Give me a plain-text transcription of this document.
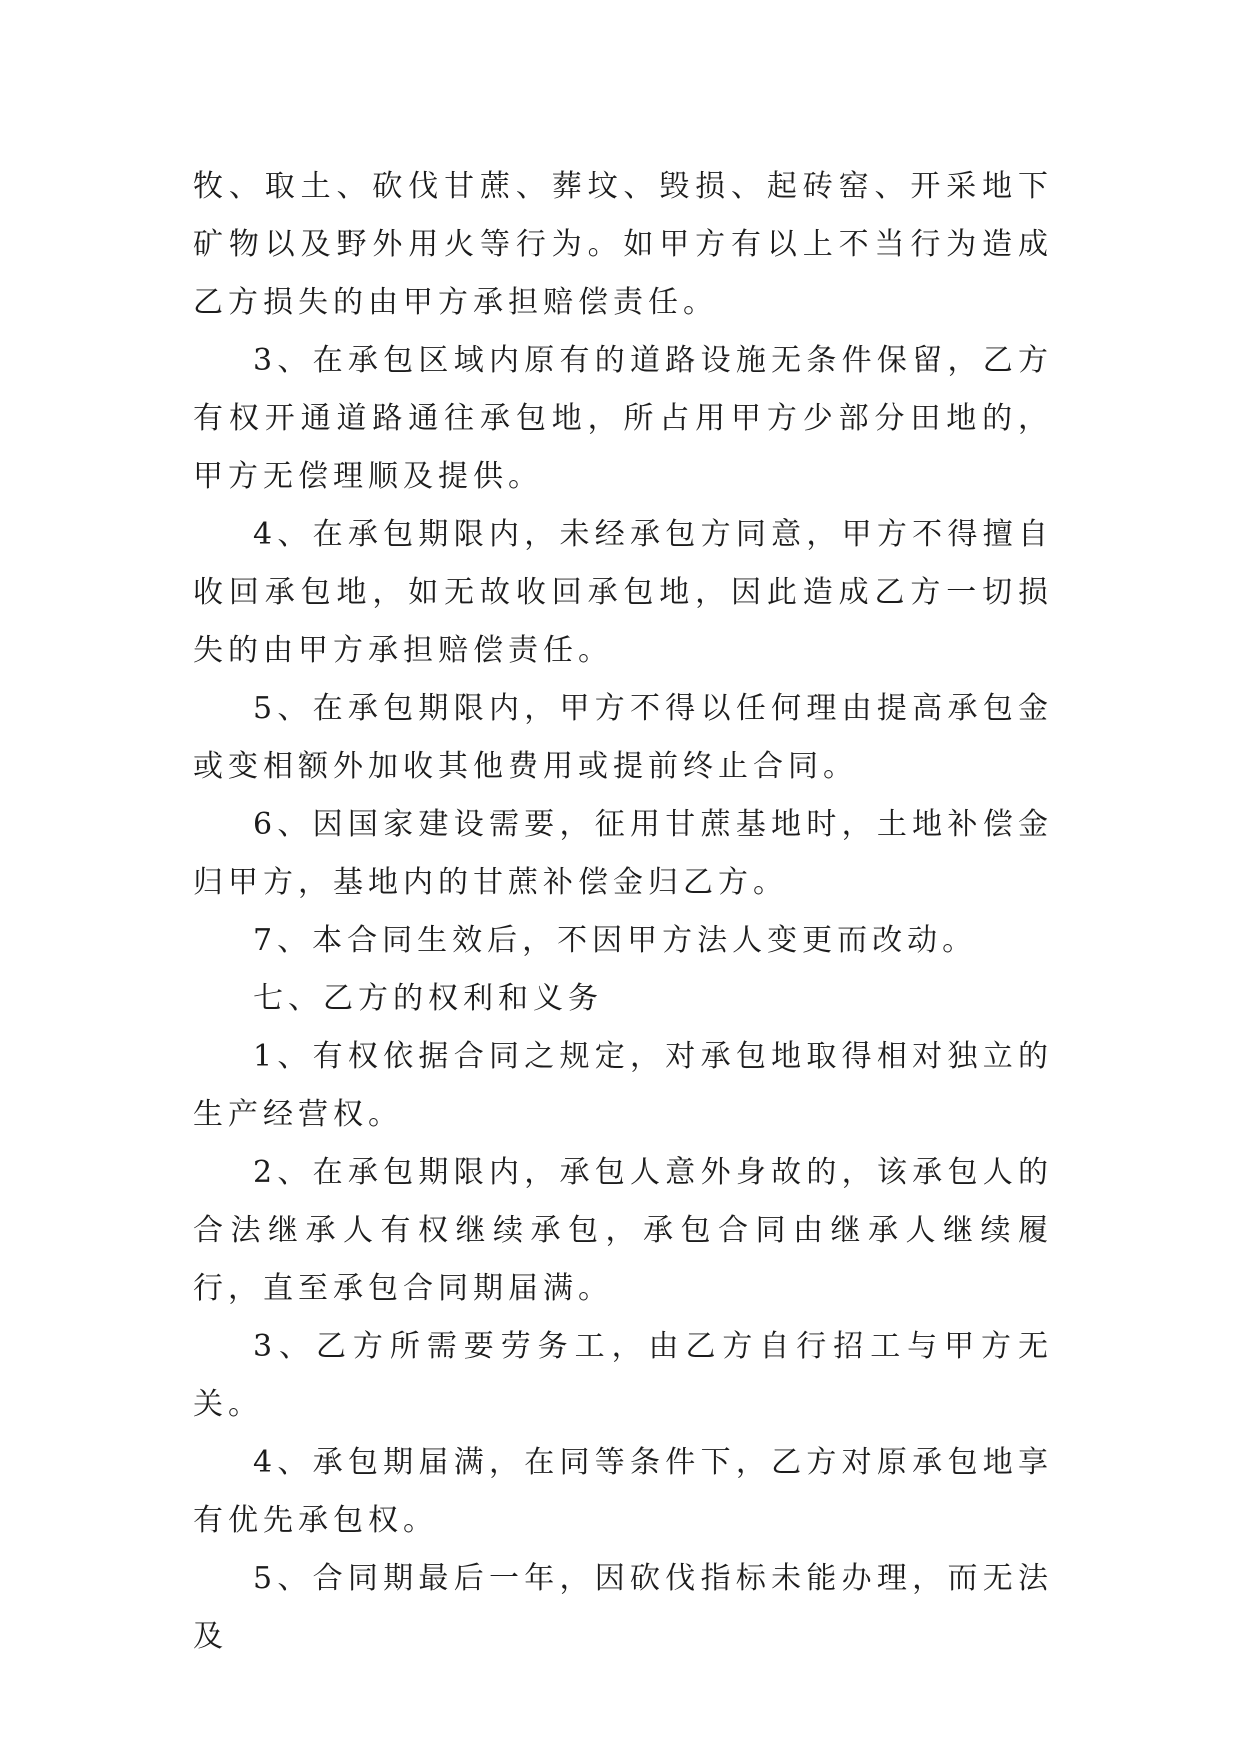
牧、取土、砍伐甘蔗、葬坟、毁损、起砖窑、开采地下矿物以及野外用火等行为。如甲方有以上不当行为造成乙方损失的由甲方承担赔偿责任。

3、在承包区域内原有的道路设施无条件保留，乙方有权开通道路通往承包地，所占用甲方少部分田地的，甲方无偿理顺及提供。

4、在承包期限内，未经承包方同意，甲方不得擅自收回承包地，如无故收回承包地，因此造成乙方一切损失的由甲方承担赔偿责任。

5、在承包期限内，甲方不得以任何理由提高承包金或变相额外加收其他费用或提前终止合同。

6、因国家建设需要，征用甘蔗基地时，土地补偿金归甲方，基地内的甘蔗补偿金归乙方。

7、本合同生效后，不因甲方法人变更而改动。

七、乙方的权利和义务

1、有权依据合同之规定，对承包地取得相对独立的生产经营权。

2、在承包期限内，承包人意外身故的，该承包人的合法继承人有权继续承包，承包合同由继承人继续履行，直至承包合同期届满。

3、乙方所需要劳务工，由乙方自行招工与甲方无关。

4、承包期届满，在同等条件下，乙方对原承包地享有优先承包权。

5、合同期最后一年，因砍伐指标未能办理，而无法及
